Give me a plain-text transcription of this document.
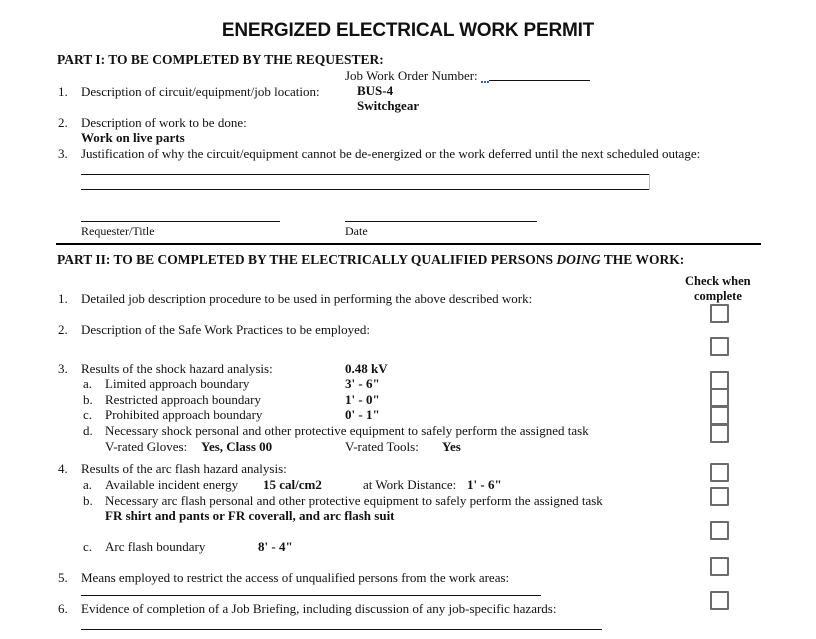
ENERGIZED ELECTRICAL WORK PERMIT
PART I: TO BE COMPLETED BY THE REQUESTER:
Job Work Order Number:
1. Description of circuit/equipment/job location:	BUS-4
Switchgear
2. Description of work to be done:
Work on live parts
3. Justification of why the circuit/equipment cannot be de-energized or the work deferred until the next scheduled outage:
Requester/Title	Date
PART II: TO BE COMPLETED BY THE ELECTRICALLY QUALIFIED PERSONS DOING THE WORK:
Check when
complete
1. Detailed job description procedure to be used in performing the above described work:
2. Description of the Safe Work Practices to be employed:
3. Results of the shock hazard analysis:	0.48 kV
a. Limited approach boundary	3' - 6"
b. Restricted approach boundary	1' - 0"
c. Prohibited approach boundary	0' - 1"
d. Necessary shock personal and other protective equipment to safely perform the assigned task
V-rated Gloves: Yes, Class 00	V-rated Tools: Yes
4. Results of the arc flash hazard analysis:
a. Available incident energy 15 cal/cm2	at Work Distance: 1' - 6"
b. Necessary arc flash personal and other protective equipment to safely perform the assigned task
FR shirt and pants or FR coverall, and arc flash suit
c. Arc flash boundary	8' - 4"
5. Means employed to restrict the access of unqualified persons from the work areas:
6. Evidence of completion of a Job Briefing, including discussion of any job-specific hazards:
